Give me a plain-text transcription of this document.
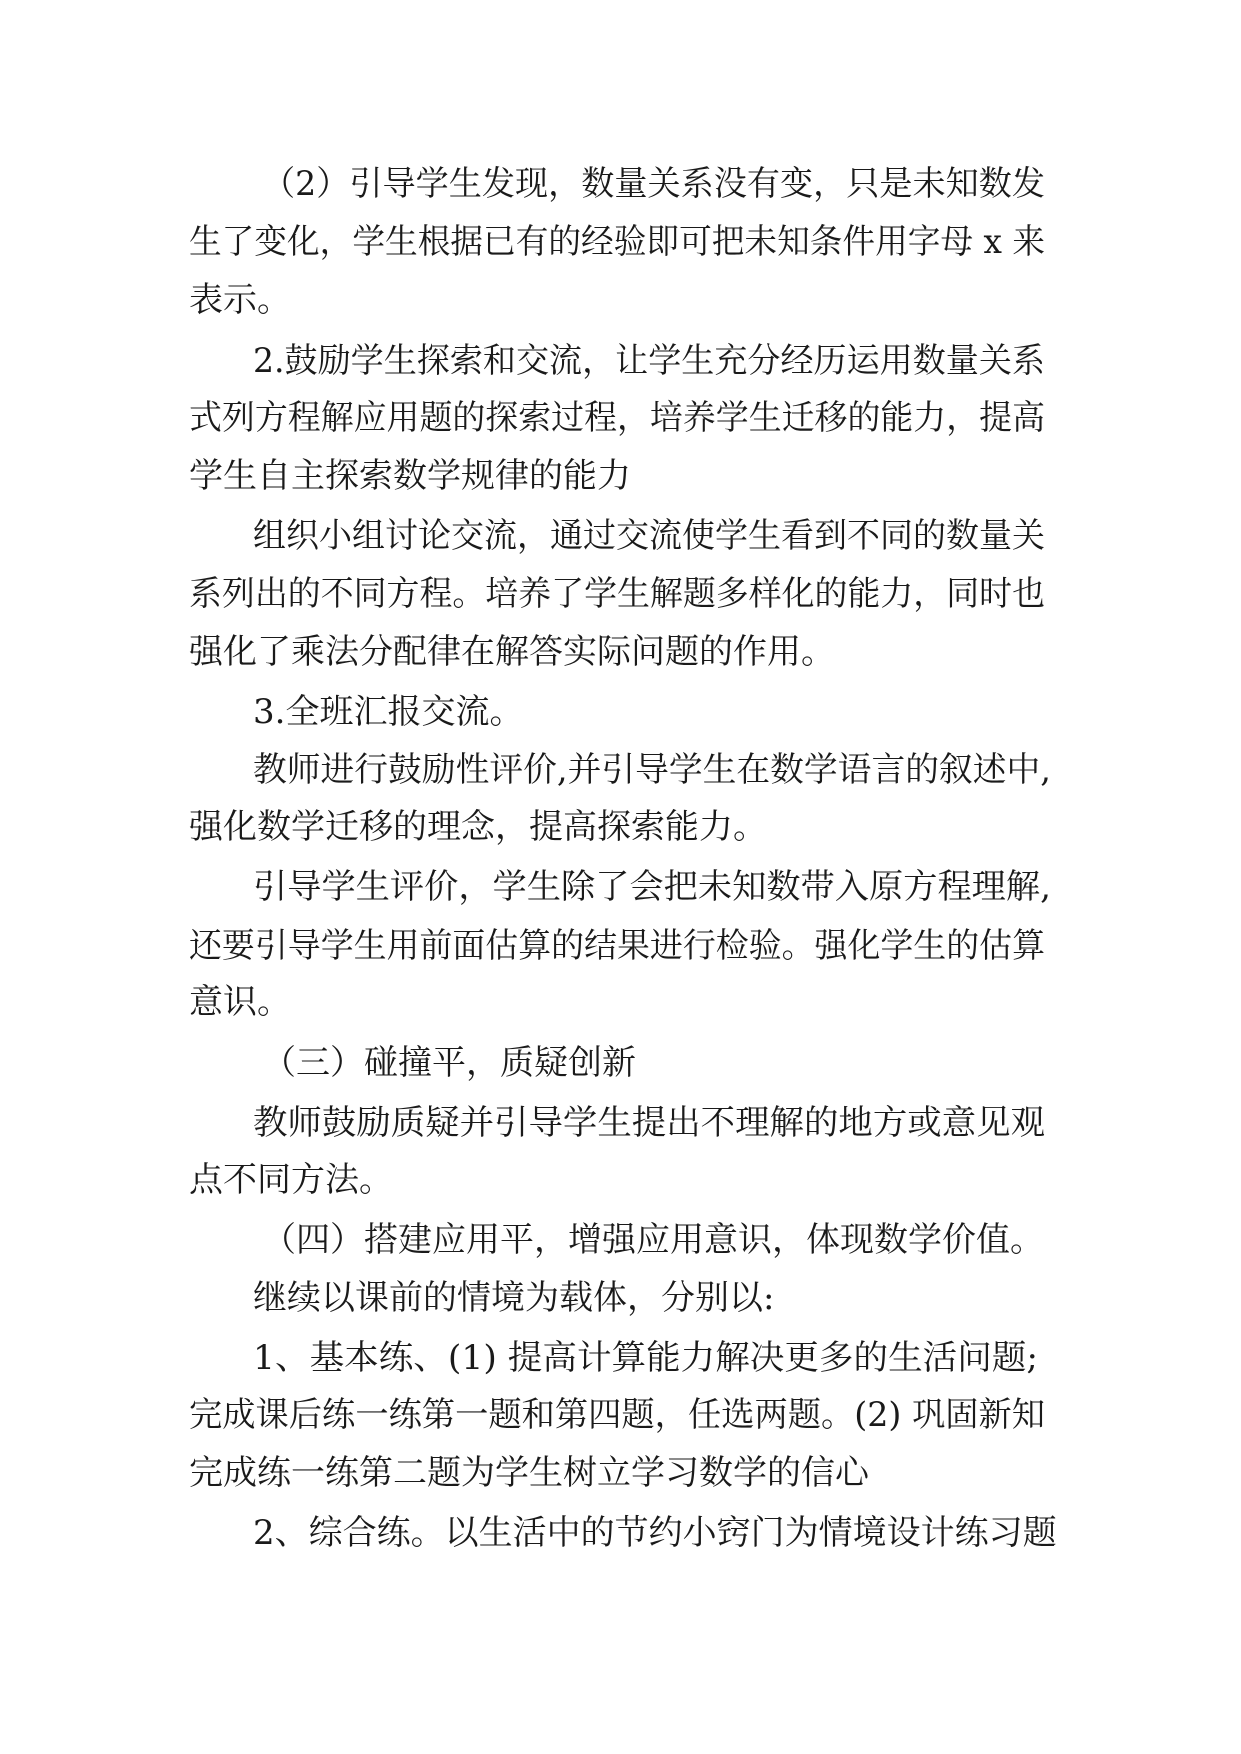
（2）引导学生发现，数量关系没有变，只是未知数发
生了变化，学生根据已有的经验即可把未知条件用字母 x 来
表示。
2.鼓励学生探索和交流，让学生充分经历运用数量关系
式列方程解应用题的探索过程，培养学生迁移的能力，提高
学生自主探索数学规律的能力
组织小组讨论交流，通过交流使学生看到不同的数量关
系列出的不同方程。培养了学生解题多样化的能力，同时也
强化了乘法分配律在解答实际问题的作用。
3.全班汇报交流。
教师进行鼓励性评价,并引导学生在数学语言的叙述中,
强化数学迁移的理念，提高探索能力。
引导学生评价，学生除了会把未知数带入原方程理解,
还要引导学生用前面估算的结果进行检验。强化学生的估算
意识。
（三）碰撞平，质疑创新
教师鼓励质疑并引导学生提出不理解的地方或意见观
点不同方法。
（四）搭建应用平，增强应用意识，体现数学价值。
继续以课前的情境为载体，分别以:
1、基本练、(1) 提高计算能力解决更多的生活问题;
完成课后练一练第一题和第四题，任选两题。(2) 巩固新知
完成练一练第二题为学生树立学习数学的信心
2、综合练。以生活中的节约小窍门为情境设计练习题
